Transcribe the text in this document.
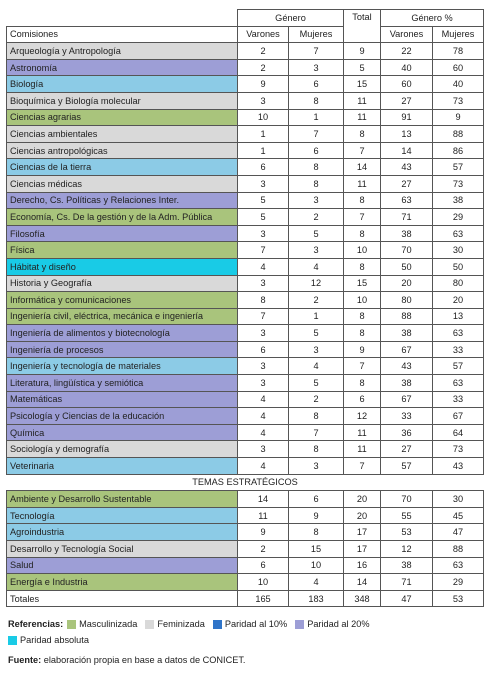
	Género		Total	Género %	
Comisiones	Varones	Mujeres		Varones	Mujeres
Arqueología y Antropología	2	7	9	22	78
Astronomía	2	3	5	40	60
Biología	9	6	15	60	40
Bioquímica y Biología molecular	3	8	11	27	73
Ciencias agrarias	10	1	11	91	9
Ciencias ambientales	1	7	8	13	88
Ciencias antropológicas	1	6	7	14	86
Ciencias de la tierra	6	8	14	43	57
Ciencias médicas	3	8	11	27	73
Derecho, Cs. Políticas y Relaciones Inter.	5	3	8	63	38
Economía, Cs. De la gestión y de la Adm. Pública	5	2	7	71	29
Filosofía	3	5	8	38	63
Física	7	3	10	70	30
Hábitat y diseño	4	4	8	50	50
Historia y Geografía	3	12	15	20	80
Informática y comunicaciones	8	2	10	80	20
Ingeniería civil, eléctrica, mecánica e ingeniería	7	1	8	88	13
Ingeniería de alimentos y biotecnología	3	5	8	38	63
Ingeniería de procesos	6	3	9	67	33
Ingeniería y tecnología de materiales	3	4	7	43	57
Literatura, lingüística y semiótica	3	5	8	38	63
Matemáticas	4	2	6	67	33
Psicología y Ciencias de la educación	4	8	12	33	67
Química	4	7	11	36	64
Sociología y demografía	3	8	11	27	73
Veterinaria	4	3	7	57	43
TEMAS ESTRATÉGICOS					
Ambiente y Desarrollo Sustentable	14	6	20	70	30
Tecnología	11	9	20	55	45
Agroindustria	9	8	17	53	47
Desarrollo y Tecnología Social	2	15	17	12	88
Salud	6	10	16	38	63
Energía e Industria	10	4	14	71	29
Totales	165	183	348	47	53
Referencias: Masculinizada Feminizada Paridad al 10% Paridad al 20%
Paridad absoluta
Fuente: elaboración propia en base a datos de CONICET.
